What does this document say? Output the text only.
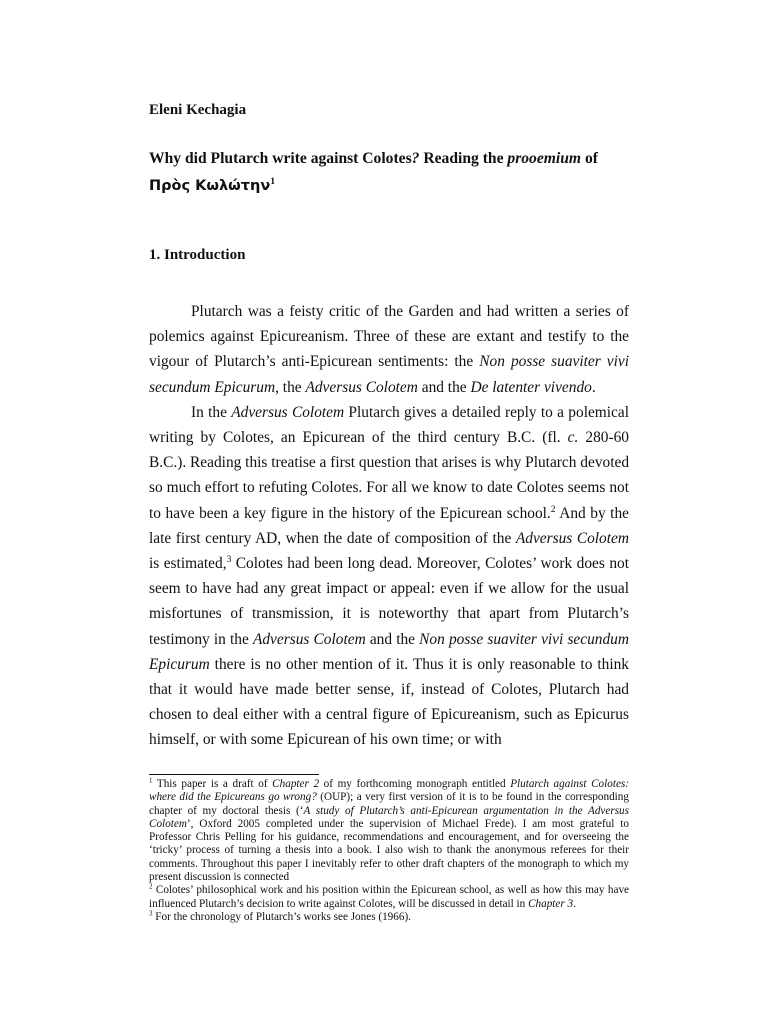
Eleni Kechagia
Why did Plutarch write against Colotes? Reading the prooemium of
Πρὸς Κωλώτην$^1$
1. Introduction

Plutarch was a feisty critic of the Garden and had written a series of polemics against Epicureanism. Three of these are extant and testify to the vigour of Plutarch’s anti-Epicurean sentiments: the Non posse suaviter vivi secundum Epicurum, the Adversus Colotem and the De latenter vivendo.

In the Adversus Colotem Plutarch gives a detailed reply to a polemical writing by Colotes, an Epicurean of the third century B.C. (fl. c. 280-60 B.C.). Reading this treatise a first question that arises is why Plutarch devoted so much effort to refuting Colotes. For all we know to date Colotes seems not to have been a key figure in the history of the Epicurean school.$^2$ And by the late first century AD, when the date of composition of the Adversus Colotem is estimated,$^3$ Colotes had been long dead. Moreover, Colotes’ work does not seem to have had any great impact or appeal: even if we allow for the usual misfortunes of transmission, it is noteworthy that apart from Plutarch’s testimony in the Adversus Colotem and the Non posse suaviter vivi secundum Epicurum there is no other mention of it. Thus it is only reasonable to think that it would have made better sense, if, instead of Colotes, Plutarch had chosen to deal either with a central figure of Epicureanism, such as Epicurus himself, or with some Epicurean of his own time; or with

$^1$ This paper is a draft of Chapter 2 of my forthcoming monograph entitled Plutarch against Colotes: where did the Epicureans go wrong? (OUP); a very first version of it is to be found in the corresponding chapter of my doctoral thesis (‘A study of Plutarch’s anti-Epicurean argumentation in the Adversus Colotem’, Oxford 2005 completed under the supervision of Michael Frede). I am most grateful to Professor Chris Pelling for his guidance, recommendations and encouragement, and for overseeing the ‘tricky’ process of turning a thesis into a book. I also wish to thank the anonymous referees for their comments. Throughout this paper I inevitably refer to other draft chapters of the monograph to which my present discussion is connected

$^2$ Colotes’ philosophical work and his position within the Epicurean school, as well as how this may have influenced Plutarch’s decision to write against Colotes, will be discussed in detail in Chapter 3.

$^3$ For the chronology of Plutarch’s works see Jones (1966).
